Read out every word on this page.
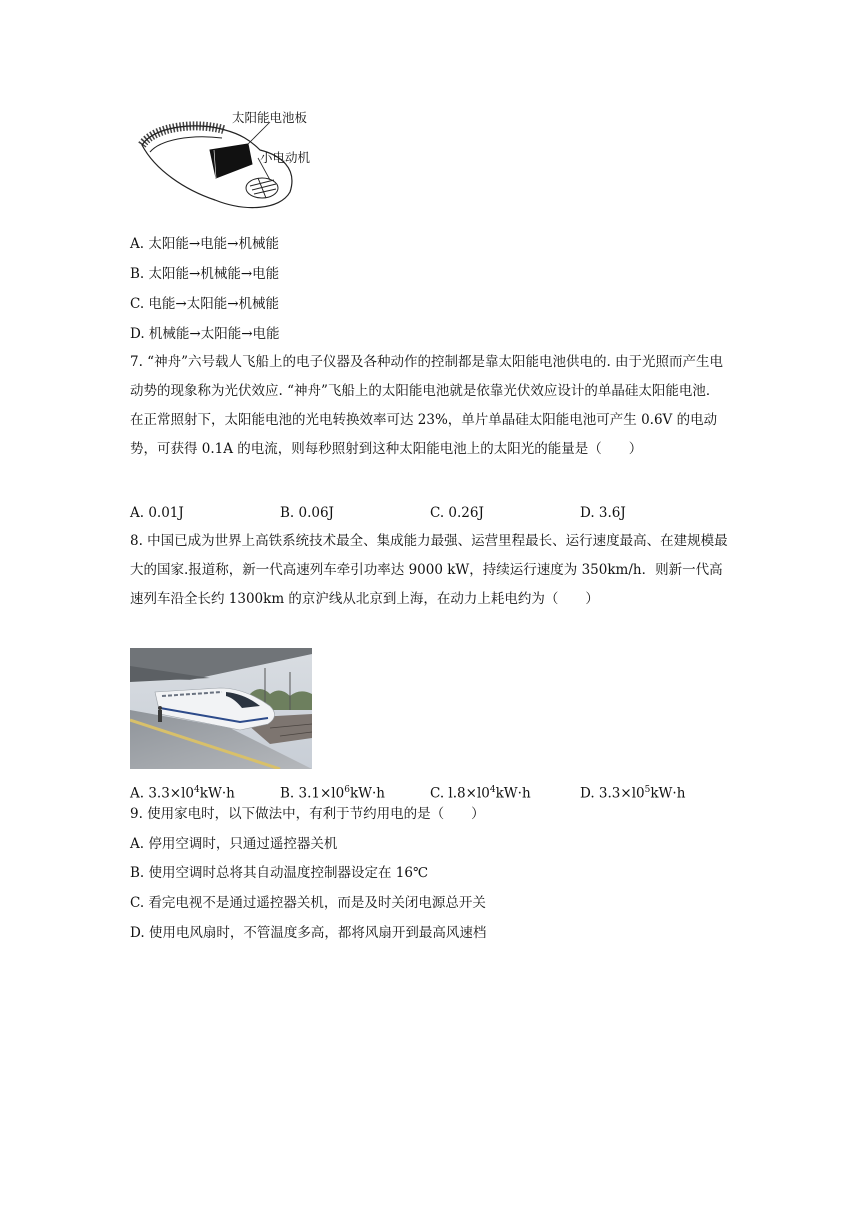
太阳能电池板
小电动机
A. 太阳能→电能→机械能
B. 太阳能→机械能→电能
C. 电能→太阳能→机械能
D. 机械能→太阳能→电能
7. “神舟”六号载人飞船上的电子仪器及各种动作的控制都是靠太阳能电池供电的. 由于光照而产生电动势的现象称为光伏效应. “神舟”飞船上的太阳能电池就是依靠光伏效应设计的单晶硅太阳能电池．在正常照射下，太阳能电池的光电转换效率可达 23%，单片单晶硅太阳能电池可产生 0.6V 的电动势，可获得 0.1A 的电流，则每秒照射到这种太阳能电池上的太阳光的能量是（　　）
A. 0.01J	B. 0.06J	C. 0.26J	D. 3.6J
8. 中国已成为世界上高铁系统技术最全、集成能力最强、运营里程最长、运行速度最高、在建规模最大的国家.报道称，新一代高速列车牵引功率达 9000 kW，持续运行速度为 350km/h．则新一代高速列车沿全长约 1300km 的京沪线从北京到上海，在动力上耗电约为（　　）
A. $3.3\times l0^4kW\cdot h$	B. $3.1\times l0^6kW\cdot h$	C. $l.8\times l0^4kW\cdot h$	D. $3.3\times l0^5kW\cdot h$
9. 使用家电时，以下做法中，有利于节约用电的是（　　）
A. 停用空调时，只通过遥控器关机
B. 使用空调时总将其自动温度控制器设定在 16℃
C. 看完电视不是通过遥控器关机，而是及时关闭电源总开关
D. 使用电风扇时，不管温度多高，都将风扇开到最高风速档
